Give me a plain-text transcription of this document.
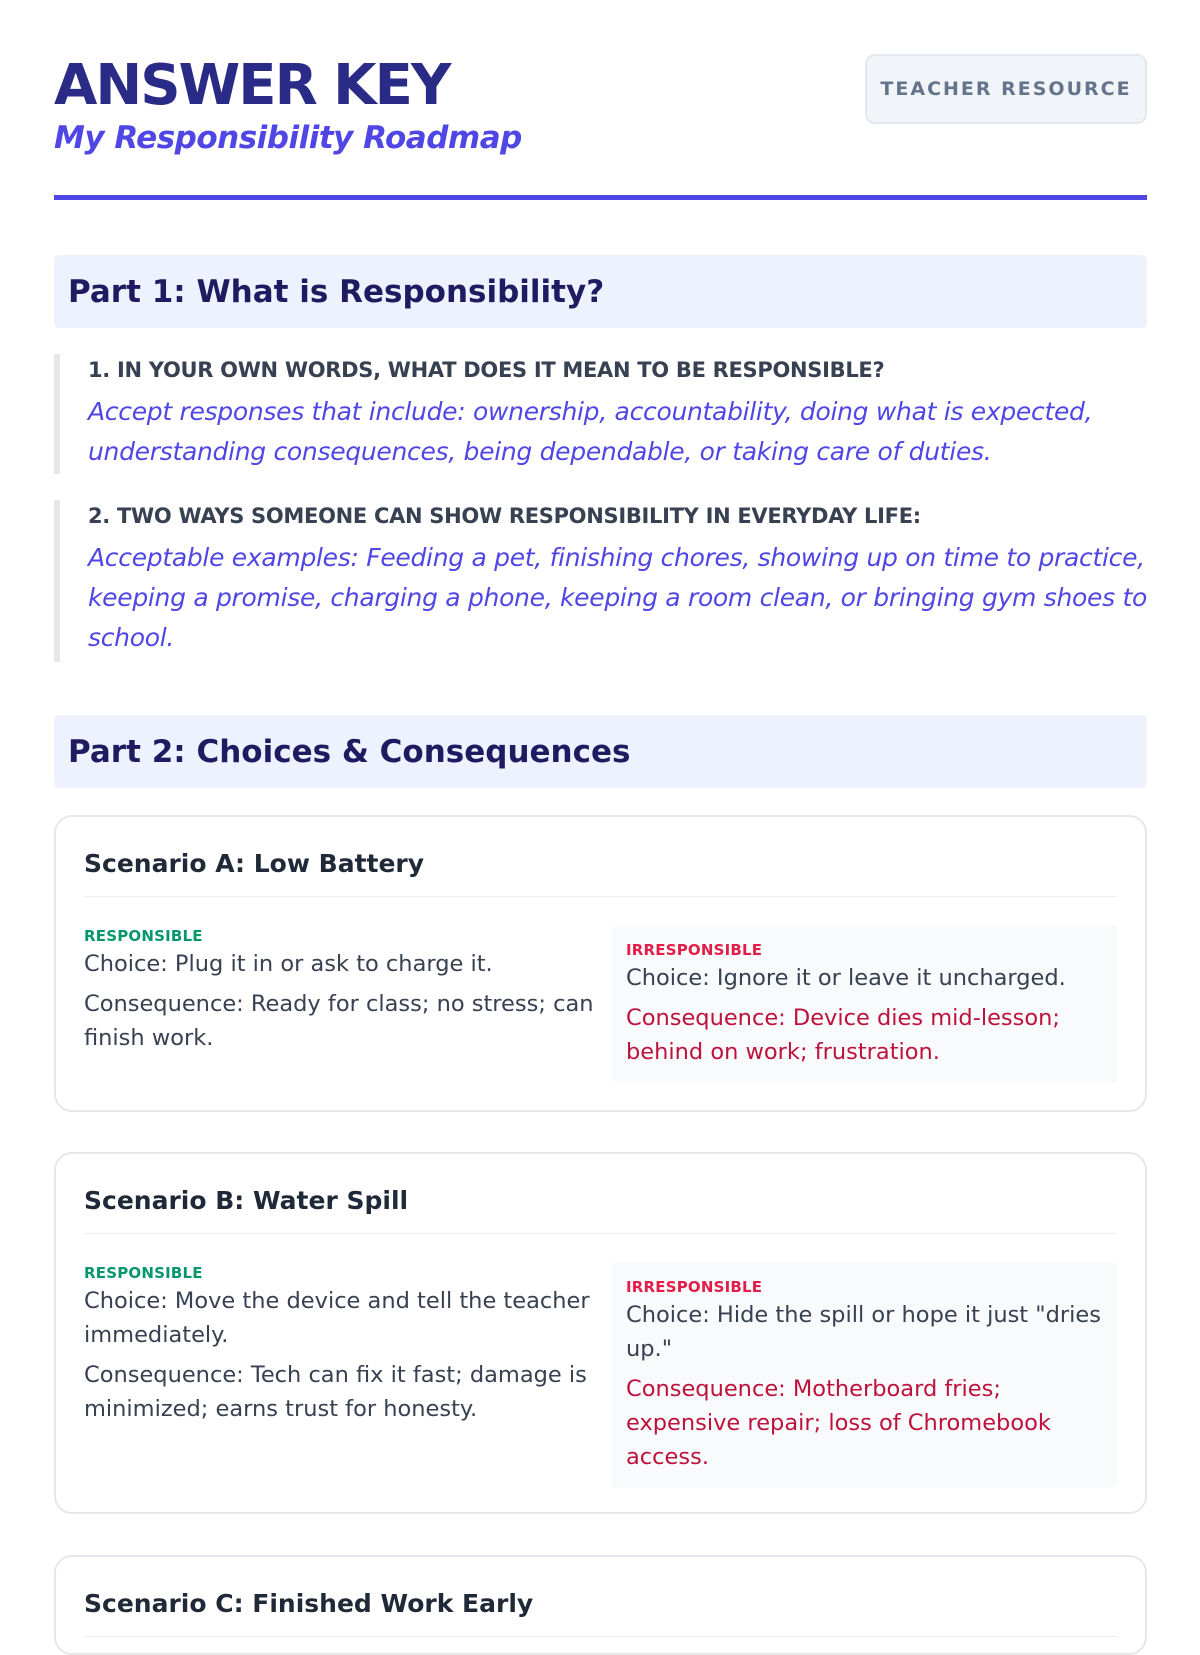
ANSWER KEY
My Responsibility Roadmap
TEACHER RESOURCE
Part 1: What is Responsibility?
1. IN YOUR OWN WORDS, WHAT DOES IT MEAN TO BE RESPONSIBLE?
Accept responses that include: ownership, accountability, doing what is expected, understanding consequences, being dependable, or taking care of duties.
2. TWO WAYS SOMEONE CAN SHOW RESPONSIBILITY IN EVERYDAY LIFE:
Acceptable examples: Feeding a pet, finishing chores, showing up on time to practice, keeping a promise, charging a phone, keeping a room clean, or bringing gym shoes to school.
Part 2: Choices & Consequences
Scenario A: Low Battery
RESPONSIBLE
Choice: Plug it in or ask to charge it.
Consequence: Ready for class; no stress; can finish work.
IRRESPONSIBLE
Choice: Ignore it or leave it uncharged.
Consequence: Device dies mid-lesson; behind on work; frustration.
Scenario B: Water Spill
RESPONSIBLE
Choice: Move the device and tell the teacher immediately.
Consequence: Tech can fix it fast; damage is minimized; earns trust for honesty.
IRRESPONSIBLE
Choice: Hide the spill or hope it just "dries up."
Consequence: Motherboard fries; expensive repair; loss of Chromebook access.
Scenario C: Finished Work Early
